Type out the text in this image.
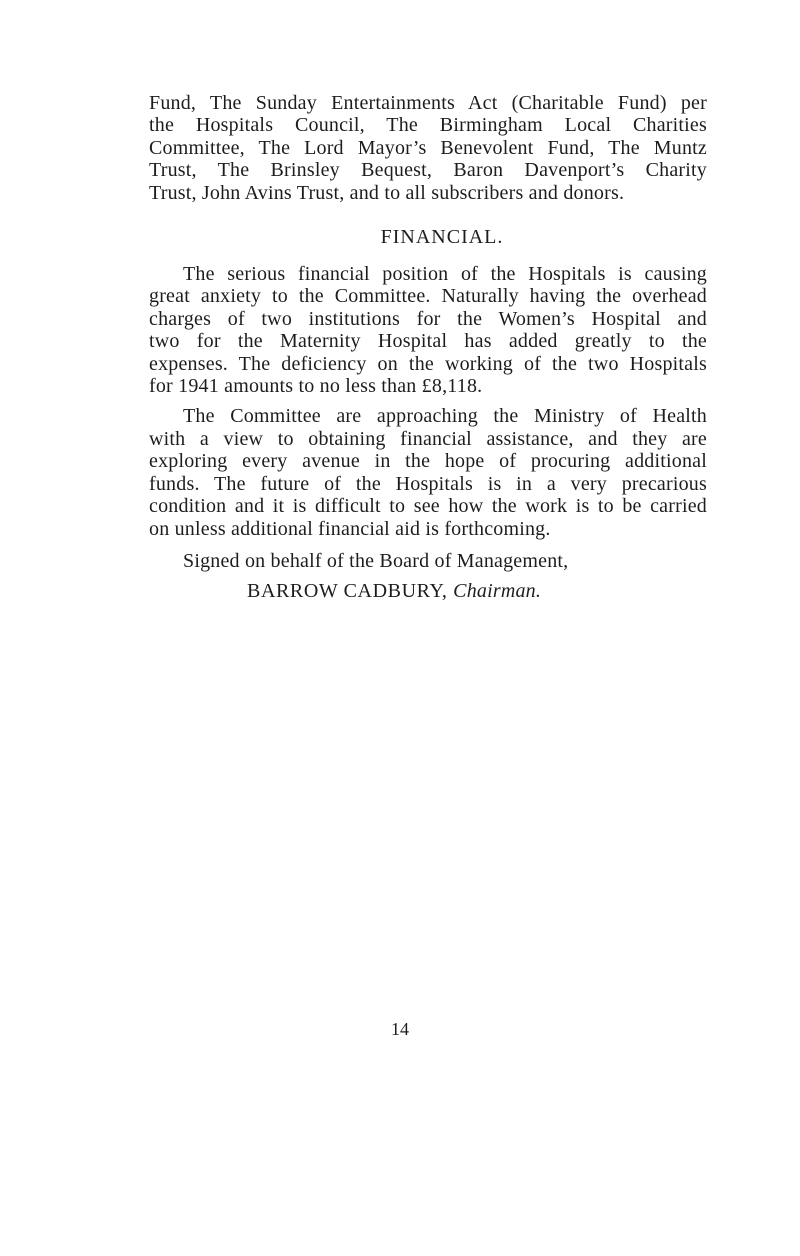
Fund, The Sunday Entertainments Act (Charitable Fund) per
the Hospitals Council, The Birmingham Local Charities
Committee, The Lord Mayor’s Benevolent Fund, The Muntz
Trust, The Brinsley Bequest, Baron Davenport’s Charity
Trust, John Avins Trust, and to all subscribers and donors.
FINANCIAL.
The serious financial position of the Hospitals is causing
great anxiety to the Committee. Naturally having the overhead
charges of two institutions for the Women’s Hospital and
two for the Maternity Hospital has added greatly to the
expenses. The deficiency on the working of the two Hospitals
for 1941 amounts to no less than £8,118.
The Committee are approaching the Ministry of Health
with a view to obtaining financial assistance, and they are
exploring every avenue in the hope of procuring additional
funds. The future of the Hospitals is in a very precarious
condition and it is difficult to see how the work is to be carried
on unless additional financial aid is forthcoming.
Signed on behalf of the Board of Management,
BARROW CADBURY, Chairman.
14
